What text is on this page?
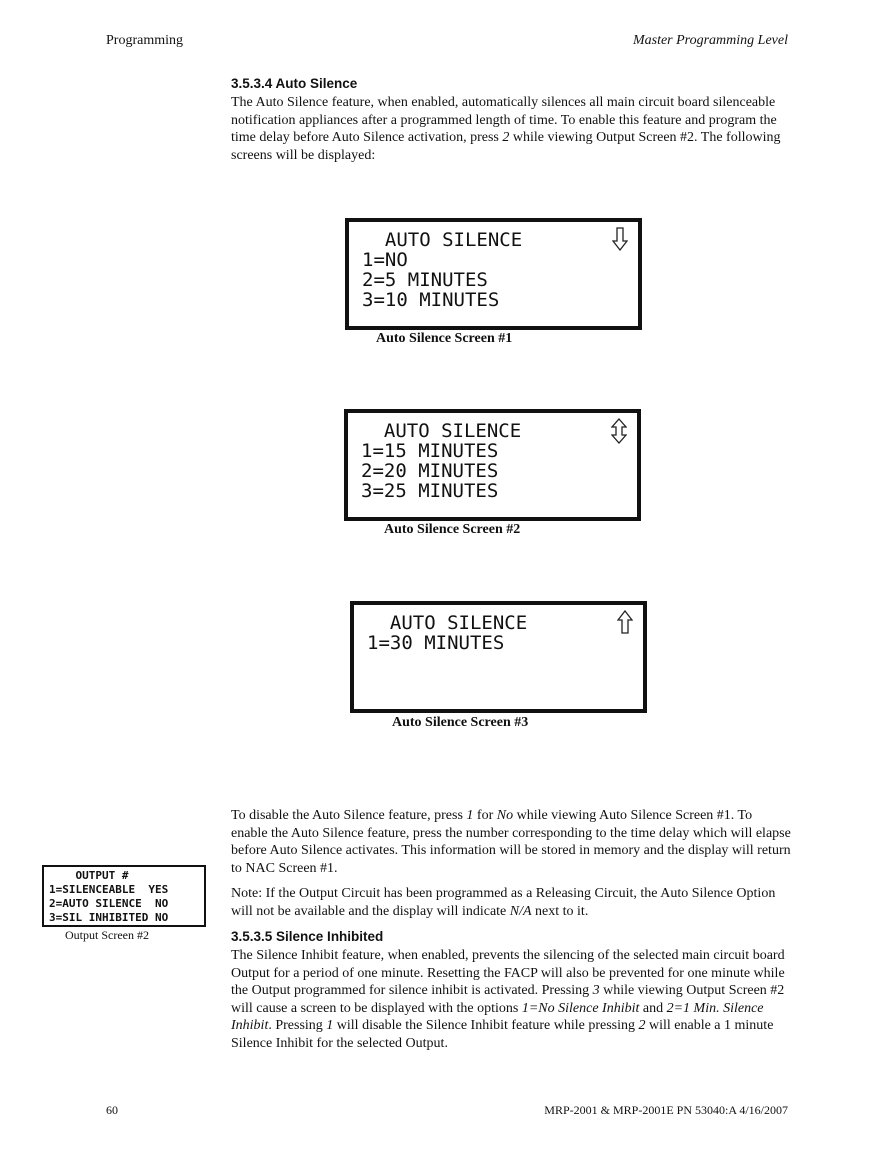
Programming	Master Programming Level
3.5.3.4 Auto Silence

The Auto Silence feature, when enabled, automatically silences all main circuit board silenceable notification appliances after a programmed length of time. To enable this feature and program the time delay before Auto Silence activation, press 2 while viewing Output Screen #2. The following screens will be displayed:

AUTO SILENCE
1=NO
2=5 MINUTES
3=10 MINUTES
Auto Silence Screen #1
AUTO SILENCE
1=15 MINUTES
2=20 MINUTES
3=25 MINUTES
Auto Silence Screen #2
AUTO SILENCE
1=30 MINUTES
Auto Silence Screen #3

To disable the Auto Silence feature, press 1 for No while viewing Auto Silence Screen #1. To enable the Auto Silence feature, press the number corresponding to the time delay which will elapse before Auto Silence activates. This information will be stored in memory and the display will return to NAC Screen #1.

Note: If the Output Circuit has been programmed as a Releasing Circuit, the Auto Silence Option will not be available and the display will indicate N/A next to it.

OUTPUT #
1=SILENCEABLE  YES
2=AUTO SILENCE  NO
3=SIL INHIBITED NO
Output Screen #2	3.5.3.5 Silence Inhibited

The Silence Inhibit feature, when enabled, prevents the silencing of the selected main circuit board Output for a period of one minute. Resetting the FACP will also be prevented for one minute while the Output programmed for silence inhibit is activated. Pressing 3 while viewing Output Screen #2 will cause a screen to be displayed with the options 1=No Silence Inhibit and 2=1 Min. Silence Inhibit. Pressing 1 will disable the Silence Inhibit feature while pressing 2 will enable a 1 minute Silence Inhibit for the selected Output.

60	MRP-2001 & MRP-2001E PN 53040:A 4/16/2007
